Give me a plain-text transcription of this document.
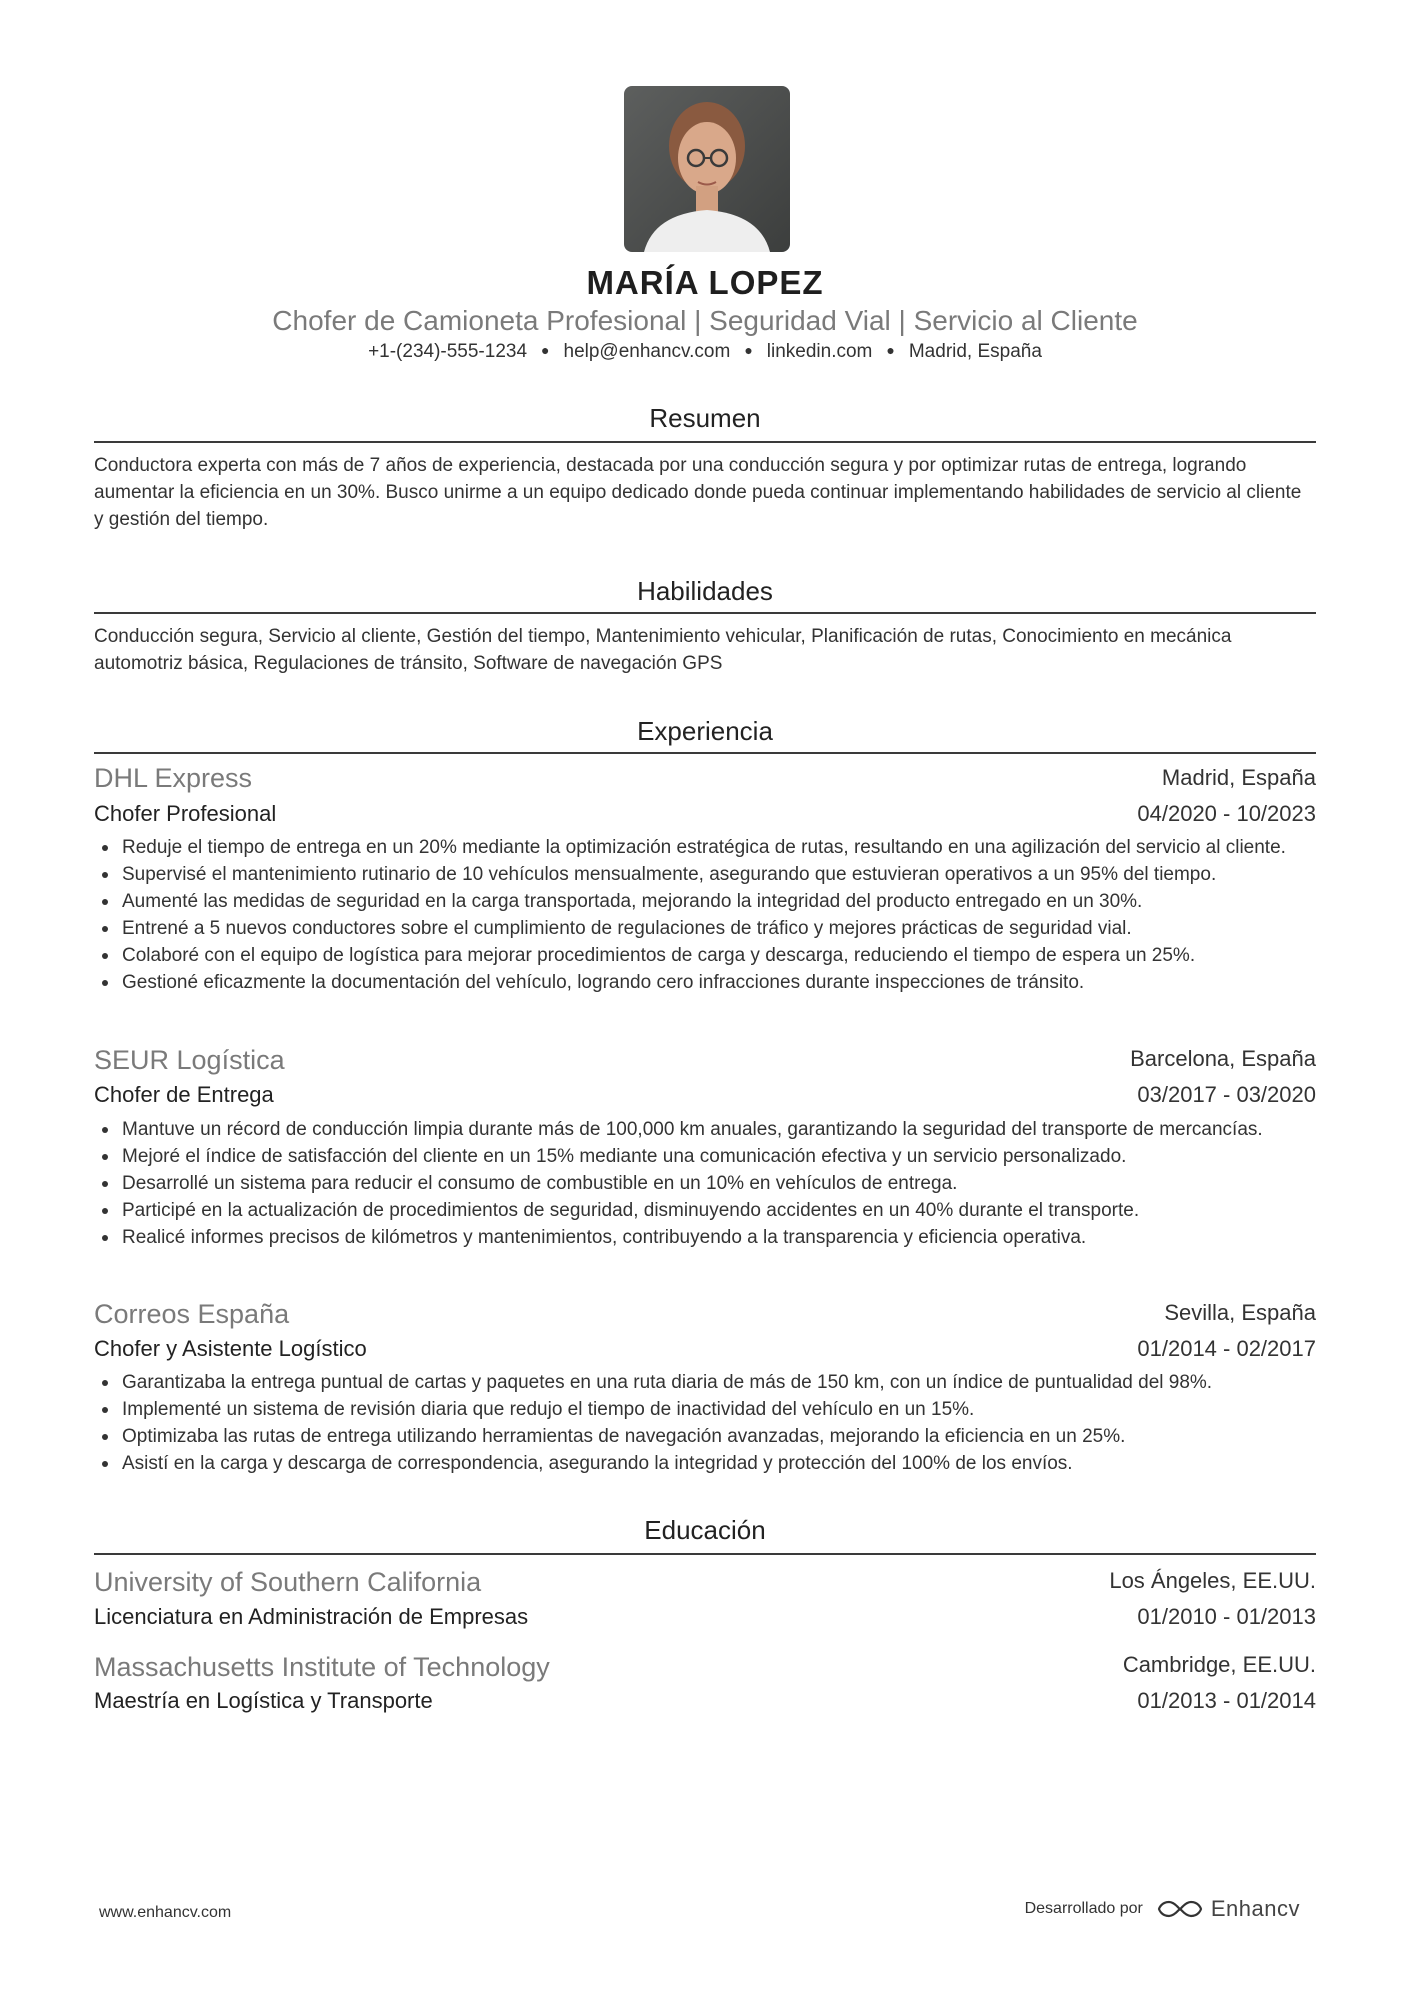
MARÍA LOPEZ
Chofer de Camioneta Profesional | Seguridad Vial | Servicio al Cliente
+1-(234)-555-1234 ● help@enhancv.com ● linkedin.com ● Madrid, España
Resumen
Conductora experta con más de 7 años de experiencia, destacada por una conducción segura y por optimizar rutas de entrega, logrando aumentar la eficiencia en un 30%. Busco unirme a un equipo dedicado donde pueda continuar implementando habilidades de servicio al cliente y gestión del tiempo.
Habilidades
Conducción segura, Servicio al cliente, Gestión del tiempo, Mantenimiento vehicular, Planificación de rutas, Conocimiento en mecánica automotriz básica, Regulaciones de tránsito, Software de navegación GPS
Experiencia
DHL Express	Madrid, España
Chofer Profesional	04/2020 - 10/2023
Reduje el tiempo de entrega en un 20% mediante la optimización estratégica de rutas, resultando en una agilización del servicio al cliente.
Supervisé el mantenimiento rutinario de 10 vehículos mensualmente, asegurando que estuvieran operativos a un 95% del tiempo.
Aumenté las medidas de seguridad en la carga transportada, mejorando la integridad del producto entregado en un 30%.
Entrené a 5 nuevos conductores sobre el cumplimiento de regulaciones de tráfico y mejores prácticas de seguridad vial.
Colaboré con el equipo de logística para mejorar procedimientos de carga y descarga, reduciendo el tiempo de espera un 25%.
Gestioné eficazmente la documentación del vehículo, logrando cero infracciones durante inspecciones de tránsito.
SEUR Logística	Barcelona, España
Chofer de Entrega	03/2017 - 03/2020
Mantuve un récord de conducción limpia durante más de 100,000 km anuales, garantizando la seguridad del transporte de mercancías.
Mejoré el índice de satisfacción del cliente en un 15% mediante una comunicación efectiva y un servicio personalizado.
Desarrollé un sistema para reducir el consumo de combustible en un 10% en vehículos de entrega.
Participé en la actualización de procedimientos de seguridad, disminuyendo accidentes en un 40% durante el transporte.
Realicé informes precisos de kilómetros y mantenimientos, contribuyendo a la transparencia y eficiencia operativa.
Correos España	Sevilla, España
Chofer y Asistente Logístico	01/2014 - 02/2017
Garantizaba la entrega puntual de cartas y paquetes en una ruta diaria de más de 150 km, con un índice de puntualidad del 98%.
Implementé un sistema de revisión diaria que redujo el tiempo de inactividad del vehículo en un 15%.
Optimizaba las rutas de entrega utilizando herramientas de navegación avanzadas, mejorando la eficiencia en un 25%.
Asistí en la carga y descarga de correspondencia, asegurando la integridad y protección del 100% de los envíos.
Educación
University of Southern California	Los Ángeles, EE.UU.
Licenciatura en Administración de Empresas	01/2010 - 01/2013
Massachusetts Institute of Technology	Cambridge, EE.UU.
Maestría en Logística y Transporte	01/2013 - 01/2014
www.enhancv.com	Desarrollado por	Enhancv
